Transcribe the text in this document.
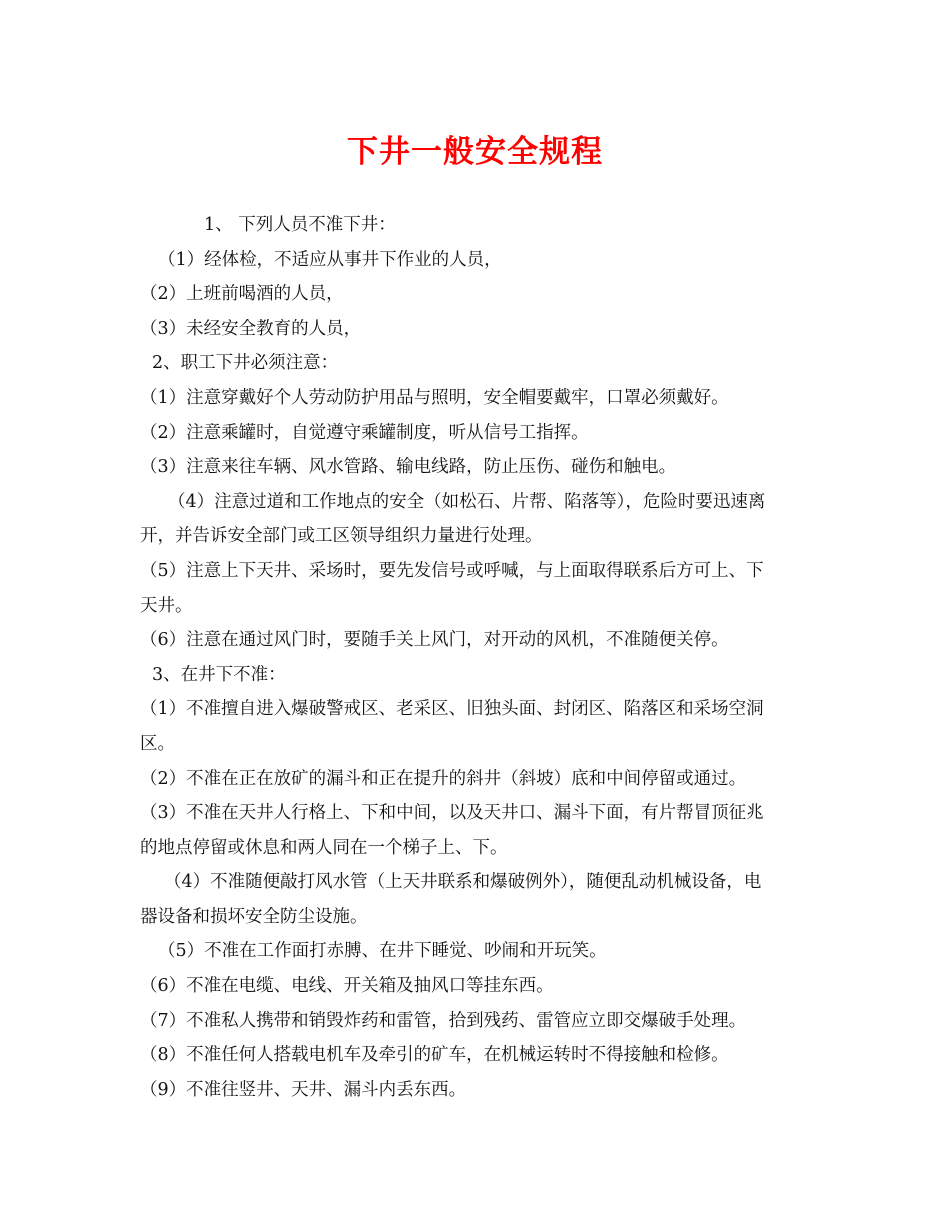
下井一般安全规程
1、 下列人员不准下井：
（1）经体检，不适应从事井下作业的人员，
（2）上班前喝酒的人员，
（3）未经安全教育的人员，
2、职工下井必须注意：
（1）注意穿戴好个人劳动防护用品与照明，安全帽要戴牢，口罩必须戴好。
（2）注意乘罐时，自觉遵守乘罐制度，听从信号工指挥。
（3）注意来往车辆、风水管路、输电线路，防止压伤、碰伤和触电。
（4）注意过道和工作地点的安全（如松石、片帮、陷落等），危险时要迅速离
开，并告诉安全部门或工区领导组织力量进行处理。
（5）注意上下天井、采场时，要先发信号或呼喊，与上面取得联系后方可上、下
天井。
（6）注意在通过风门时，要随手关上风门，对开动的风机，不准随便关停。
3、在井下不准：
（1）不准擅自进入爆破警戒区、老采区、旧独头面、封闭区、陷落区和采场空洞
区。
（2）不准在正在放矿的漏斗和正在提升的斜井（斜坡）底和中间停留或通过。
（3）不准在天井人行格上、下和中间，以及天井口、漏斗下面，有片帮冒顶征兆
的地点停留或休息和两人同在一个梯子上、下。
（4）不准随便敲打风水管（上天井联系和爆破例外），随便乱动机械设备，电
器设备和损坏安全防尘设施。
（5）不准在工作面打赤膊、在井下睡觉、吵闹和开玩笑。
（6）不准在电缆、电线、开关箱及抽风口等挂东西。
（7）不准私人携带和销毁炸药和雷管，拾到残药、雷管应立即交爆破手处理。
（8）不准任何人搭载电机车及牵引的矿车，在机械运转时不得接触和检修。
（9）不准往竖井、天井、漏斗内丢东西。
